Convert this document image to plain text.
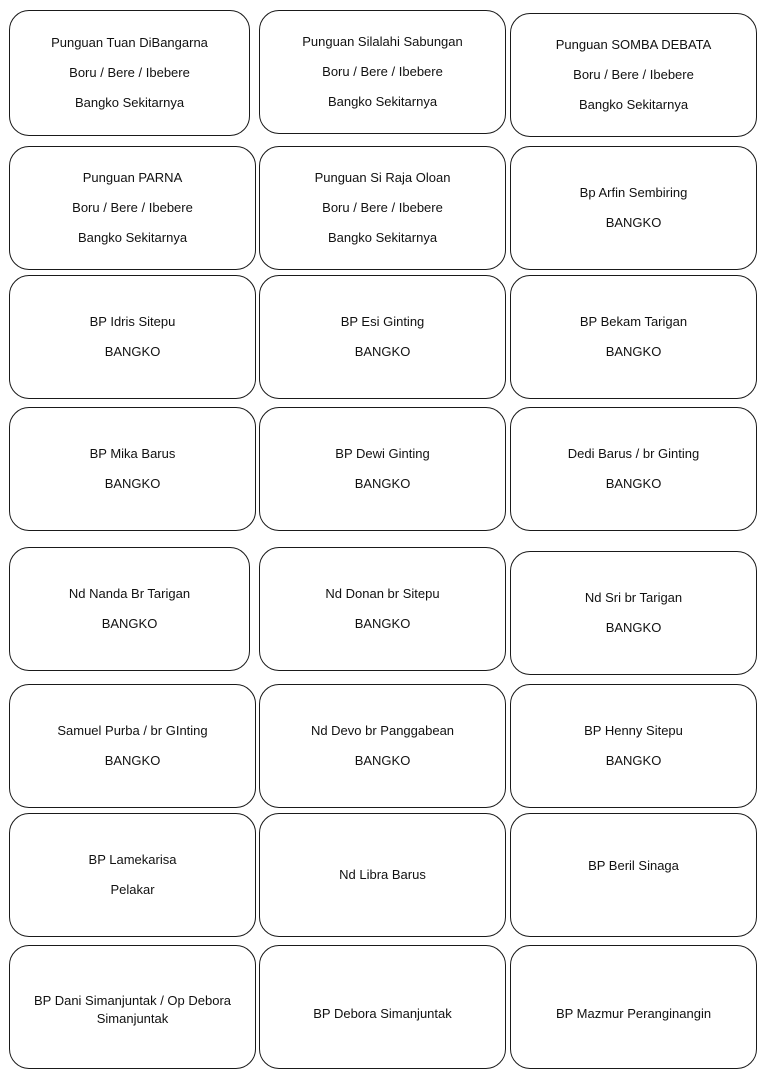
Punguan Tuan DiBangarna
Boru / Bere / Ibebere
Bangko Sekitarnya
Punguan Silalahi Sabungan
Boru / Bere / Ibebere
Bangko Sekitarnya
Punguan SOMBA DEBATA
Boru / Bere / Ibebere
Bangko Sekitarnya
Punguan PARNA
Boru / Bere / Ibebere
Bangko Sekitarnya
Punguan Si Raja Oloan
Boru / Bere / Ibebere
Bangko Sekitarnya
Bp Arfin Sembiring
BANGKO
BP Idris Sitepu
BANGKO
BP Esi Ginting
BANGKO
BP Bekam Tarigan
BANGKO
BP Mika Barus
BANGKO
BP Dewi Ginting
BANGKO
Dedi Barus / br Ginting
BANGKO
Nd Nanda Br Tarigan
BANGKO
Nd Donan br Sitepu
BANGKO
Nd Sri br Tarigan
BANGKO
Samuel Purba / br GInting
BANGKO
Nd Devo br Panggabean
BANGKO
BP Henny Sitepu
BANGKO
BP Lamekarisa
Pelakar
Nd Libra Barus
BP Beril Sinaga
BP Dani Simanjuntak / Op Debora Simanjuntak	BP Debora Simanjuntak	BP Mazmur Peranginangin
